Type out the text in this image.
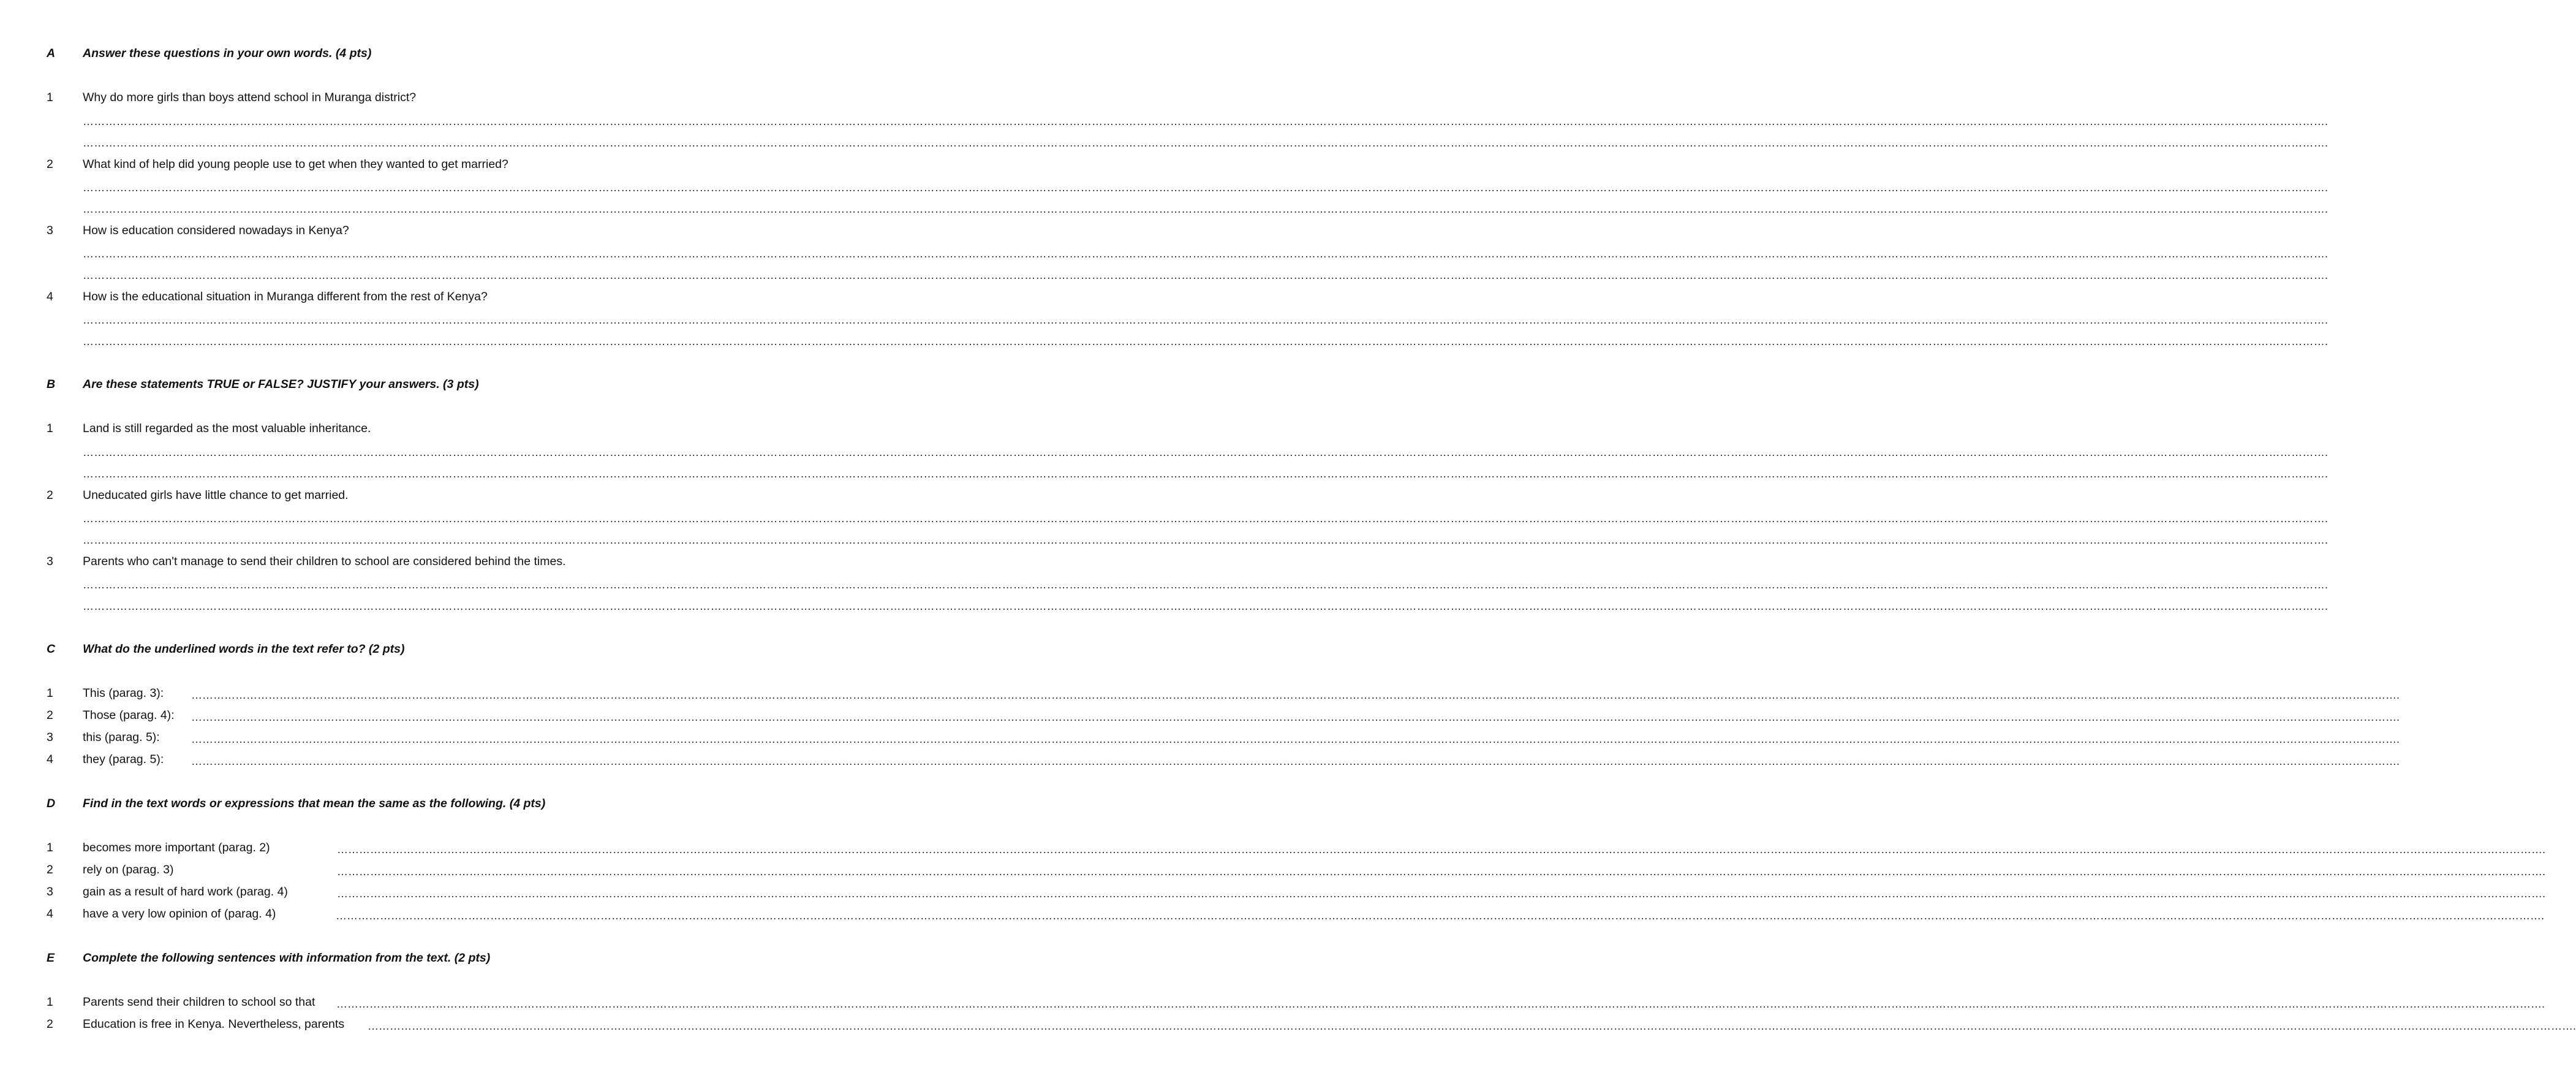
A Answer these questions in your own words. (4 pts)
1 Why do more girls than boys attend school in Muranga district?
…………………………………………………………………………………………………………………………………………………………………………………………………………………………………………………………………………………………………………………………………………………………………………………………………………………………………………………………………………………………………………………………………………………….
…………………………………………………………………………………………………………………………………………………………………………………………………………………………………………………………………………………………………………………………………………………………………………………………………………………………………………………………………………………………………………………………………………………….
2 What kind of help did young people use to get when they wanted to get married?
…………………………………………………………………………………………………………………………………………………………………………………………………………………………………………………………………………………………………………………………………………………………………………………………………………………………………………………………………………………………………………………………………………………….
…………………………………………………………………………………………………………………………………………………………………………………………………………………………………………………………………………………………………………………………………………………………………………………………………………………………………………………………………………………………………………………………………………………….
3 How is education considered nowadays in Kenya?
…………………………………………………………………………………………………………………………………………………………………………………………………………………………………………………………………………………………………………………………………………………………………………………………………………………………………………………………………………………………………………………………………………………….
…………………………………………………………………………………………………………………………………………………………………………………………………………………………………………………………………………………………………………………………………………………………………………………………………………………………………………………………………………………………………………………………………………………….
4 How is the educational situation in Muranga different from the rest of Kenya?
…………………………………………………………………………………………………………………………………………………………………………………………………………………………………………………………………………………………………………………………………………………………………………………………………………………………………………………………………………………………………………………………………………………….
…………………………………………………………………………………………………………………………………………………………………………………………………………………………………………………………………………………………………………………………………………………………………………………………………………………………………………………………………………………………………………………………………………………….
B Are these statements TRUE or FALSE? JUSTIFY your answers. (3 pts)
1 Land is still regarded as the most valuable inheritance.
…………………………………………………………………………………………………………………………………………………………………………………………………………………………………………………………………………………………………………………………………………………………………………………………………………………………………………………………………………………………………………………………………………………….
…………………………………………………………………………………………………………………………………………………………………………………………………………………………………………………………………………………………………………………………………………………………………………………………………………………………………………………………………………………………………………………………………………………….
2 Uneducated girls have little chance to get married.
…………………………………………………………………………………………………………………………………………………………………………………………………………………………………………………………………………………………………………………………………………………………………………………………………………………………………………………………………………………………………………………………………………………….
…………………………………………………………………………………………………………………………………………………………………………………………………………………………………………………………………………………………………………………………………………………………………………………………………………………………………………………………………………………………………………………………………………………….
3 Parents who can't manage to send their children to school are considered behind the times.
…………………………………………………………………………………………………………………………………………………………………………………………………………………………………………………………………………………………………………………………………………………………………………………………………………………………………………………………………………………………………………………………………………………….
…………………………………………………………………………………………………………………………………………………………………………………………………………………………………………………………………………………………………………………………………………………………………………………………………………………………………………………………………………………………………………………………………………………….
C What do the underlined words in the text refer to? (2 pts)
1 This (parag. 3): …………………………………………………………………………………………………………………………………………………………………………………………………………………………………………………………………………………………………………………………………………………………………………………………………………………………………………………………………………………………………………………………………………………….
2 Those (parag. 4): …………………………………………………………………………………………………………………………………………………………………………………………………………………………………………………………………………………………………………………………………………………………………………………………………………………………………………………………………………………………………………………………………………………….
3 this (parag. 5):	…………………………………………………………………………………………………………………………………………………………………………………………………………………………………………………………………………………………………………………………………………………………………………………………………………………………………………………………………………………………………………………………………………………….
4 they (parag. 5): …………………………………………………………………………………………………………………………………………………………………………………………………………………………………………………………………………………………………………………………………………………………………………………………………………………………………………………………………………………………………………………………………………………….
D Find in the text words or expressions that mean the same as the following. (4 pts)
1 becomes more important (parag. 2)	…………………………………………………………………………………………………………………………………………………………………………………………………………………………………………………………………………………………………………………………………………………………………………………………………………………………………………………………………………………………………………………………………………………….
2 rely on (parag. 3)	…………………………………………………………………………………………………………………………………………………………………………………………………………………………………………………………………………………………………………………………………………………………………………………………………………………………………………………………………………………………………………………………………………………….
3 gain as a result of hard work (parag. 4)	…………………………………………………………………………………………………………………………………………………………………………………………………………………………………………………………………………………………………………………………………………………………………………………………………………………………………………………………………………………………………………………………………………………….
4 have a very low opinion of (parag. 4)	…………………………………………………………………………………………………………………………………………………………………………………………………………………………………………………………………………………………………………………………………………………………………………………………………………………………………………………………………………………………………………………………………………………….
E Complete the following sentences with information from the text. (2 pts)
1 Parents send their children to school so that …………………………………………………………………………………………………………………………………………………………………………………………………………………………………………………………………………………………………………………………………………………………………………………………………………………………………………………………………………………………………………………………………………………….
2 Education is free in Kenya. Nevertheless, parents …………………………………………………………………………………………………………………………………………………………………………………………………………………………………………………………………………………………………………………………………………………………………………………………………………………………………………………………………………………………………………………………………………………….
